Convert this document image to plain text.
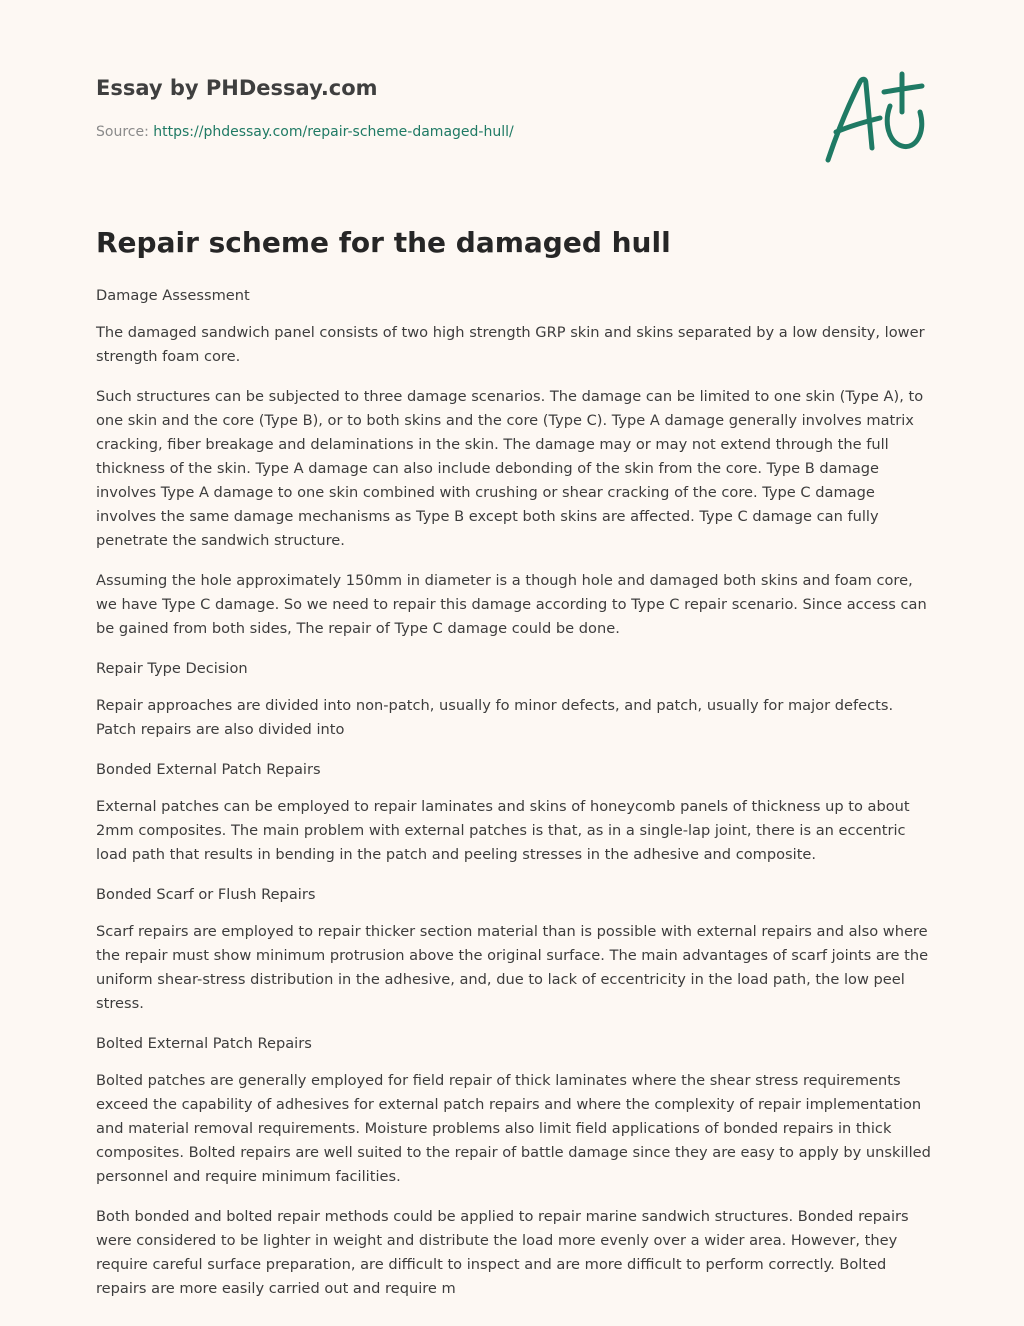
Essay by PHDessay.com
Source: https://phdessay.com/repair-scheme-damaged-hull/
Repair scheme for the damaged hull

Damage Assessment

The damaged sandwich panel consists of two high strength GRP skin and skins separated by a low density, lower strength foam core.

Such structures can be subjected to three damage scenarios. The damage can be limited to one skin (Type A), to one skin and the core (Type B), or to both skins and the core (Type C). Type A damage generally involves matrix cracking, fiber breakage and delaminations in the skin. The damage may or may not extend through the full thickness of the skin. Type A damage can also include debonding of the skin from the core. Type B damage involves Type A damage to one skin combined with crushing or shear cracking of the core. Type C damage involves the same damage mechanisms as Type B except both skins are affected. Type C damage can fully penetrate the sandwich structure.

Assuming the hole approximately 150mm in diameter is a though hole and damaged both skins and foam core, we have Type C damage. So we need to repair this damage according to Type C repair scenario. Since access can be gained from both sides, The repair of Type C damage could be done.

Repair Type Decision

Repair approaches are divided into non-patch, usually fo minor defects, and patch, usually for major defects. Patch repairs are also divided into

Bonded External Patch Repairs

External patches can be employed to repair laminates and skins of honeycomb panels of thickness up to about 2mm composites. The main problem with external patches is that, as in a single-lap joint, there is an eccentric load path that results in bending in the patch and peeling stresses in the adhesive and composite.

Bonded Scarf or Flush Repairs

Scarf repairs are employed to repair thicker section material than is possible with external repairs and also where the repair must show minimum protrusion above the original surface. The main advantages of scarf joints are the uniform shear-stress distribution in the adhesive, and, due to lack of eccentricity in the load path, the low peel stress.

Bolted External Patch Repairs

Bolted patches are generally employed for field repair of thick laminates where the shear stress requirements exceed the capability of adhesives for external patch repairs and where the complexity of repair implementation and material removal requirements. Moisture problems also limit field applications of bonded repairs in thick composites. Bolted repairs are well suited to the repair of battle damage since they are easy to apply by unskilled personnel and require minimum facilities.

Both bonded and bolted repair methods could be applied to repair marine sandwich structures. Bonded repairs were considered to be lighter in weight and distribute the load more evenly over a wider area. However, they require careful surface preparation, are difficult to inspect and are more difficult to perform correctly. Bolted repairs are more easily carried out and require m
